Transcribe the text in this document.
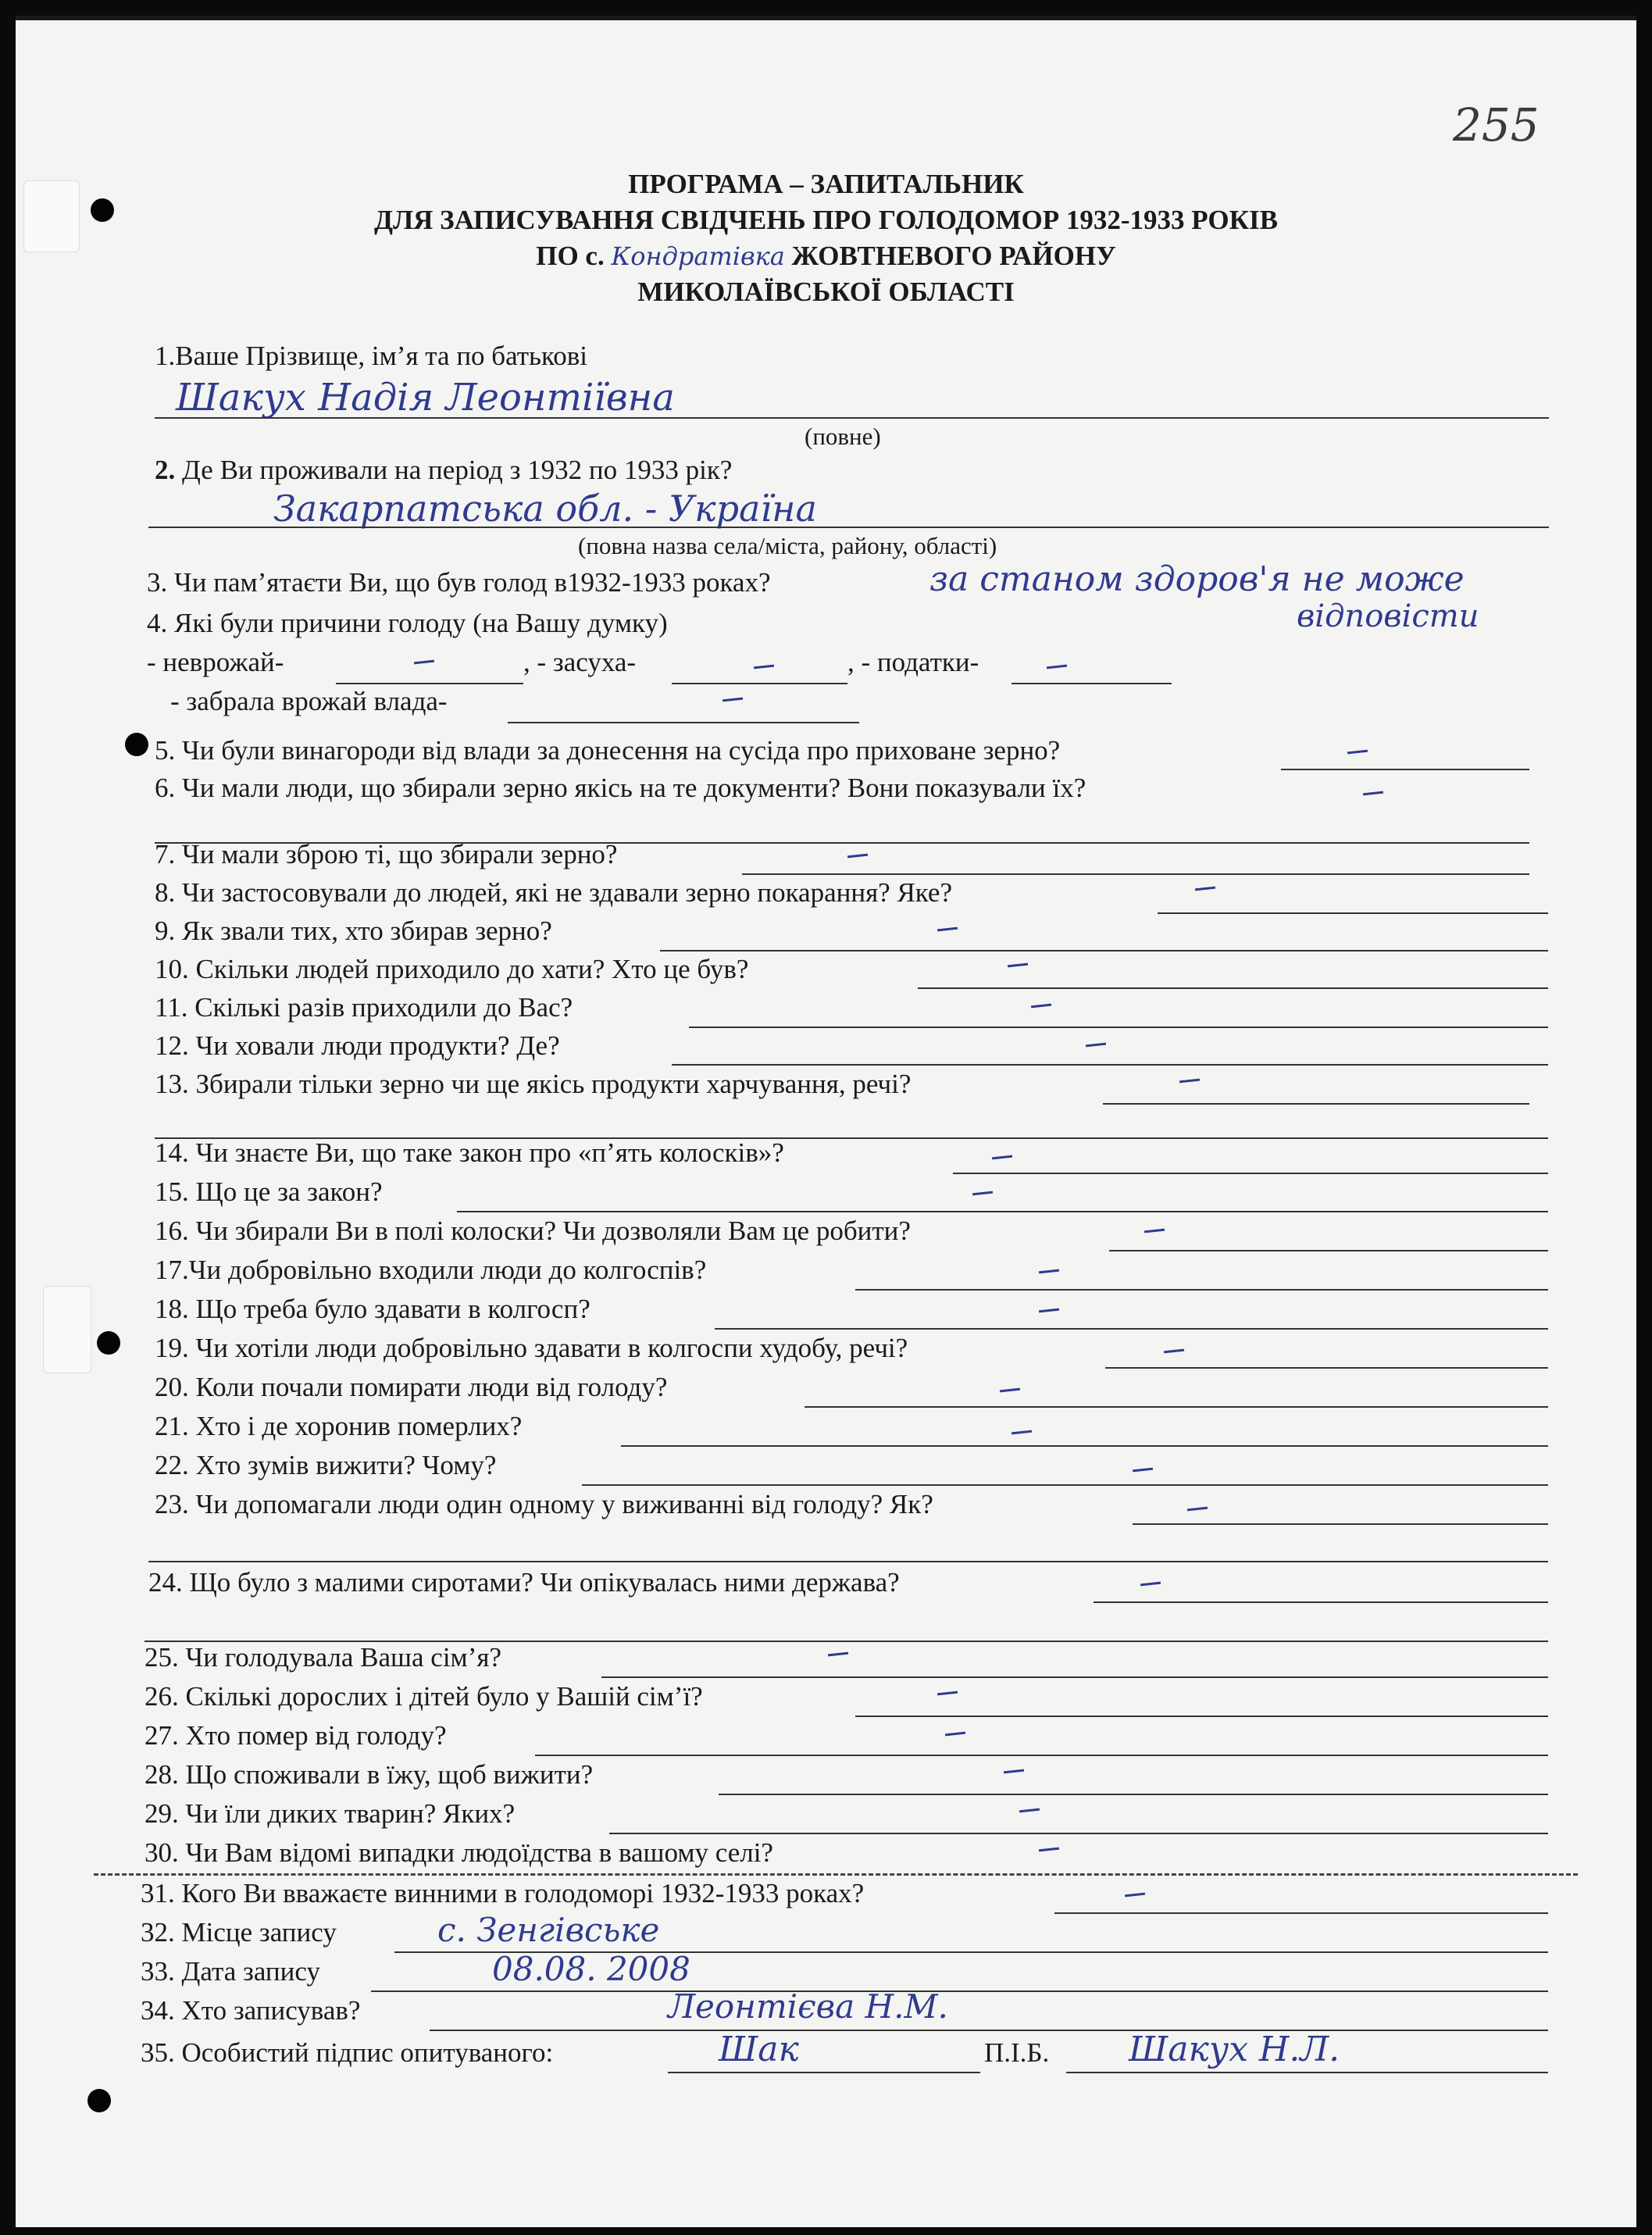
255
ПРОГРАМА – ЗАПИТАЛЬНИК
ДЛЯ ЗАПИСУВАННЯ СВІДЧЕНЬ ПРО ГОЛОДОМОР 1932-1933 РОКІВ
ПО с. Кондратівка ЖОВТНЕВОГО РАЙОНУ
МИКОЛАЇВСЬКОЇ ОБЛАСТІ
1.Ваше Прізвище, ім’я та по батькові
Шакух Надія Леонтіївна
(повне)
2. Де Ви проживали на період з 1932 по 1933 рік?
Закарпатська обл. - Україна
(повна назва села/міста, району, області)
3. Чи пам’ятаєти Ви, що був голод в1932-1933 роках?	за станом здоров'я не може
відповісти
4. Які були причини голоду (на Вашу думку)
- неврожай-	, - засуха-	, - податки-
- забрала врожай влада-
5. Чи були винагороди від влади за донесення на сусіда про приховане зерно?
6. Чи мали люди, що збирали зерно якісь на те документи? Вони показували їх?
7. Чи мали зброю ті, що збирали зерно?
8. Чи застосовували до людей, які не здавали зерно покарання? Яке?
9. Як звали тих, хто збирав зерно?
10. Скільки людей приходило до хати? Хто це був?
11. Скількі разів приходили до Вас?
12. Чи ховали люди продукти? Де?
13. Збирали тільки зерно чи ще якісь продукти харчування, речі?
14. Чи знаєте Ви, що таке закон про «п’ять колосків»?
15. Що це за закон?
16. Чи збирали Ви в полі колоски? Чи дозволяли Вам це робити?
17.Чи добровільно входили люди до колгоспів?
18. Що треба було здавати в колгосп?
19. Чи хотіли люди добровільно здавати в колгоспи худобу, речі?
20. Коли почали помирати люди від голоду?
21. Хто і де хоронив померлих?
22. Хто зумів вижити? Чому?
23. Чи допомагали люди один одному у виживанні від голоду? Як?
24. Що було з малими сиротами? Чи опікувалась ними держава?
25. Чи голодувала Ваша сім’я?
26. Скількі дорослих і дітей було у Вашій сім’ї?
27. Хто помер від голоду?
28. Що споживали в їжу, щоб вижити?
29. Чи їли диких тварин? Яких?
30. Чи Вам відомі випадки людоїдства в вашому селі?
31. Кого Ви вважаєте винними в голодоморі 1932-1933 роках?
32. Місце запису	с. Зенгівське
33. Дата запису	08.08. 2008
34. Хто записував?	Леонтієва Н.М.
35. Особистий підпис опитуваного:	Шак	П.І.Б. Шакух Н.Л.
